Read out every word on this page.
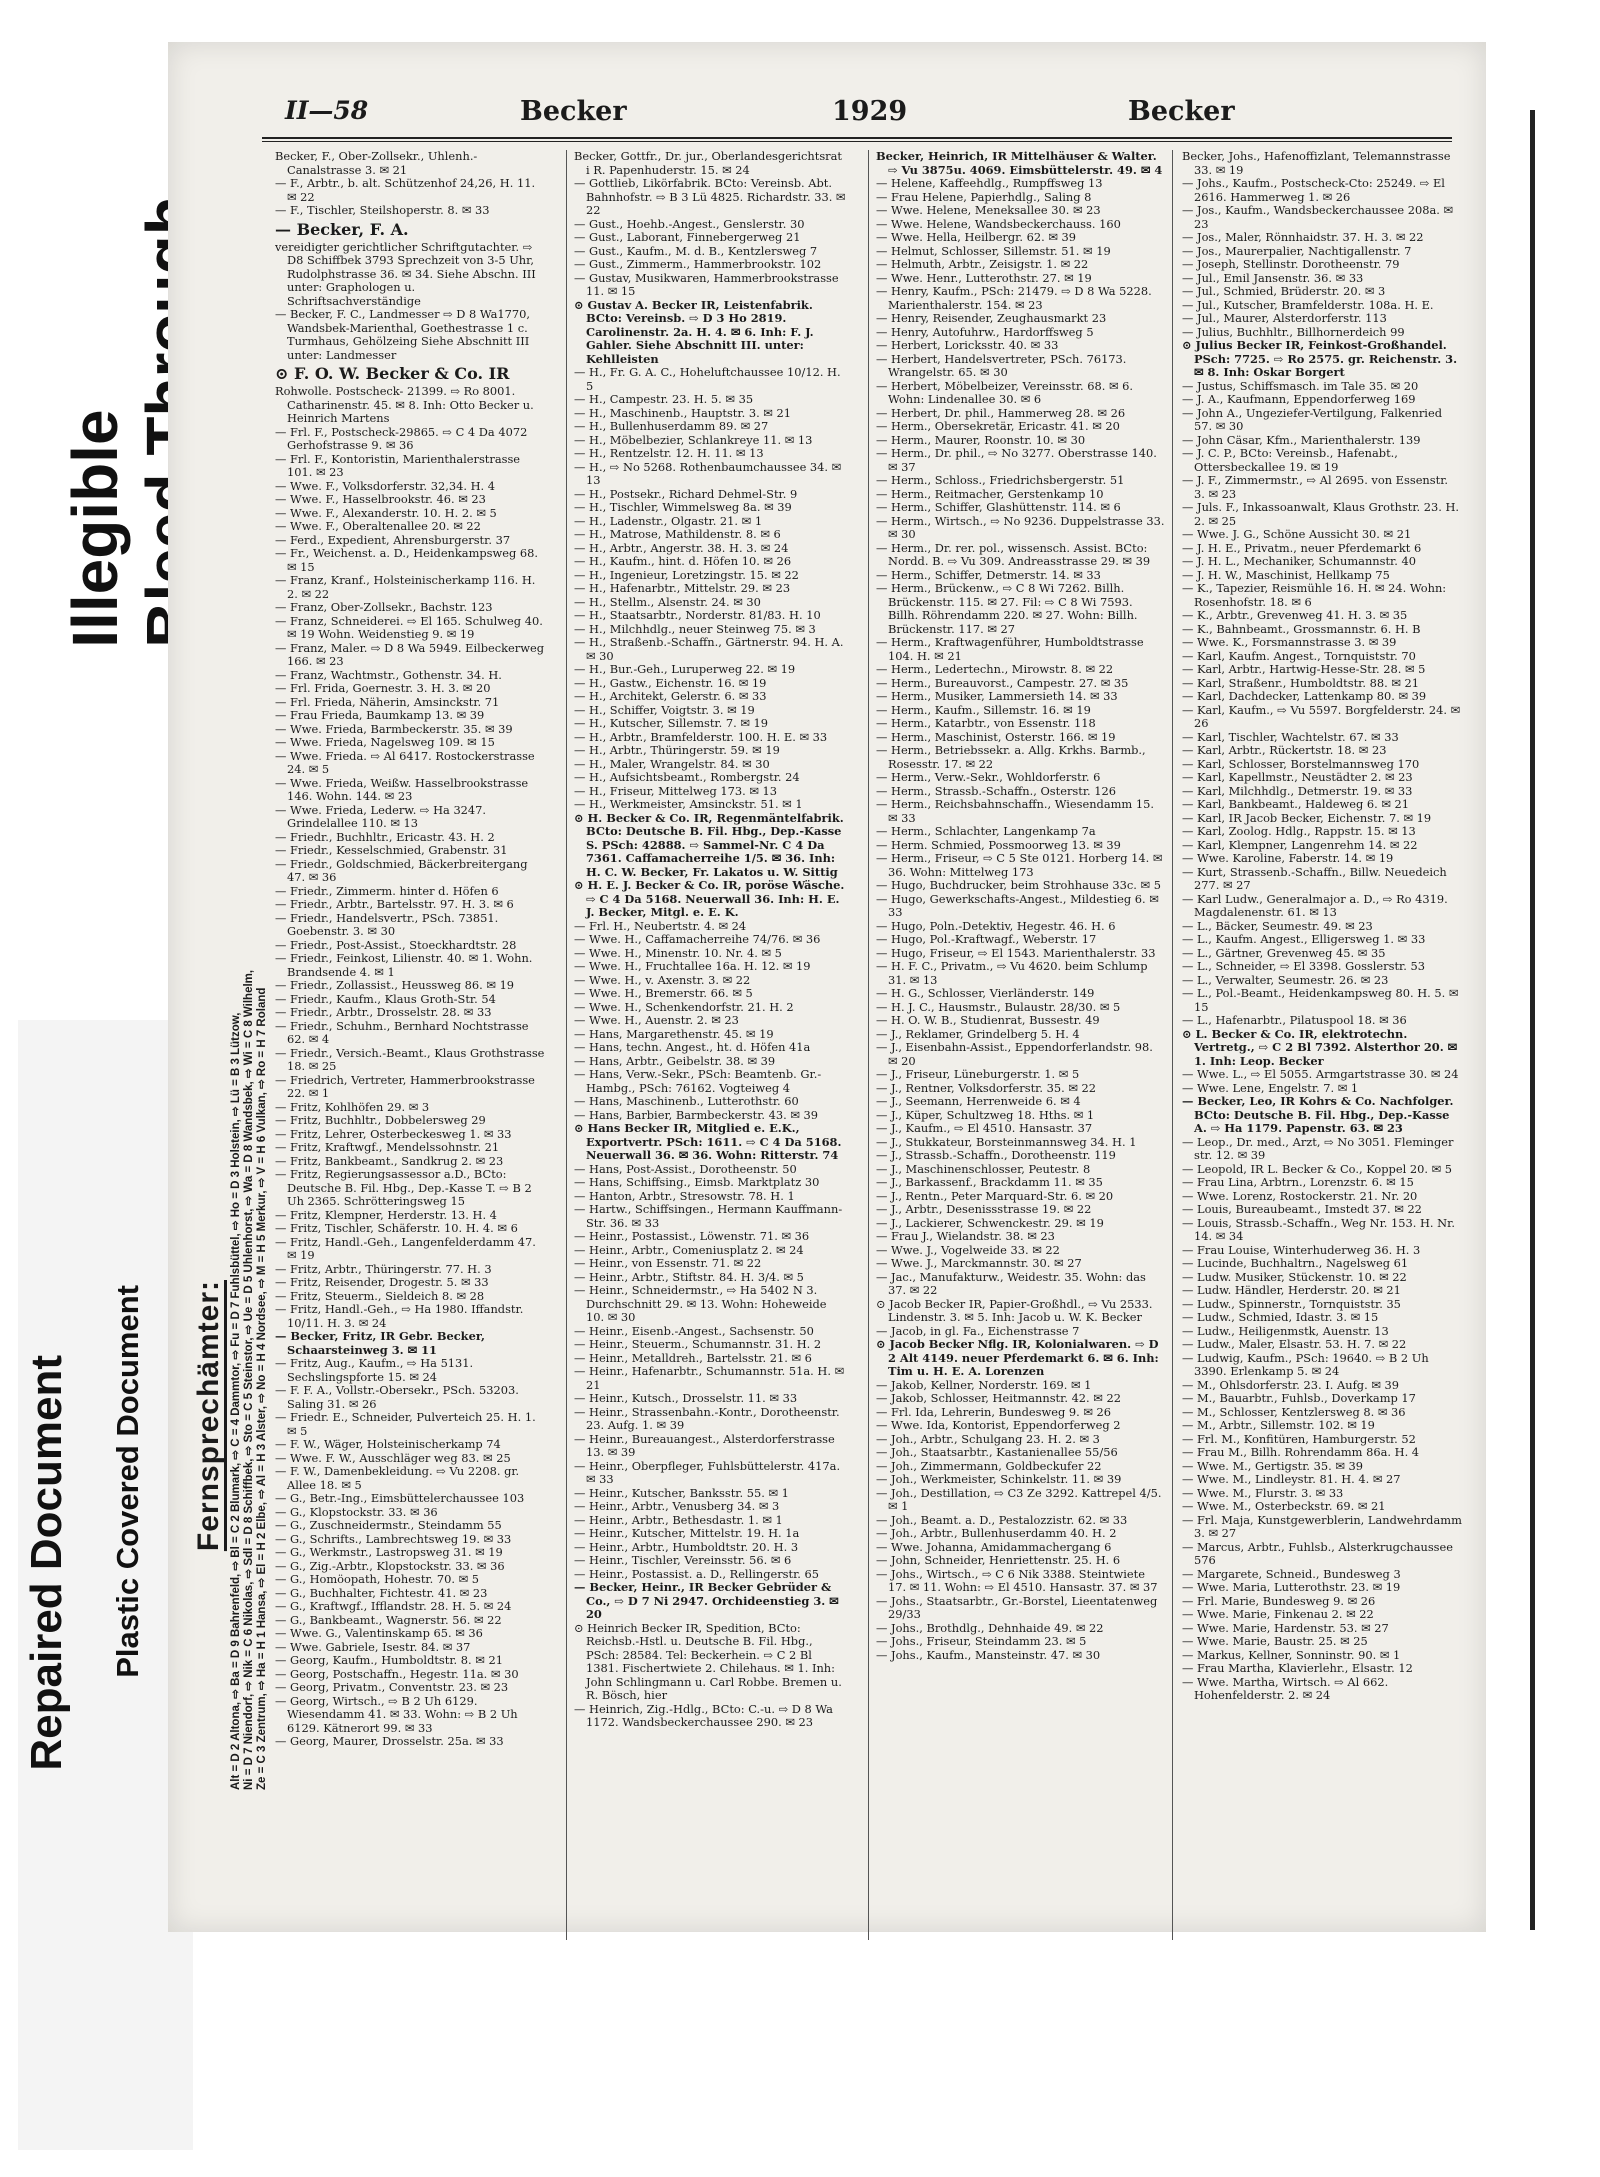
Repaired Document Plastic Covered Document
Illegible
II—58	Becker	1929	Becker
Fernsprechämter:
Alt = D 2 Altona, ⇨ Ba = D 9 Bahrenfeld, ⇨ Bl = C 2 Blumark, ⇨ C = 4 Dammtor, ⇨ Fu = D 7 Fuhlsbüttel, ⇨ Ho = D 3 Holstein, ⇨ Lü = B 3 Lützow,
Ni = D 7 Niendorf, ⇨ Nik = C 6 Nikolas, ⇨ Sdl = D 8 Schiffbek, ⇨ Sto = C 5 Steinstor, ⇨ Ue = D 5 Uhlenhorst, ⇨ Wa = D 8 Wandsbek, ⇨ Wi = C 8 Wilhelm,
Ze = C 3 Zentrum, ⇨ Ha = H 1 Hansa, ⇨ El = H 2 Elbe, ⇨ Al = H 3 Alster, ⇨ No = H 4 Nordsee, ⇨ M = H 5 Merkur, ⇨ V = H 6 Vulkan, ⇨ Ro = H 7 Roland

Becker, F., Ober-Zollsekr., Uhlenh.-Canalstrasse 3. ✉ 21

— F., Arbtr., b. alt. Schützenhof 24,26, H. 11. ✉ 22

— F., Tischler, Steilshoperstr. 8. ✉ 33

— Becker, F. A.

vereidigter gerichtlicher Schriftgutachter. ⇨ D8 Schiffbek 3793 Sprechzeit von 3-5 Uhr, Rudolphstrasse 36. ✉ 34. Siehe Abschn. III unter: Graphologen u. Schriftsachverständige

— Becker, F. C., Landmesser ⇨ D 8 Wa1770, Wandsbek-Marienthal, Goethestrasse 1 c. Turmhaus, Gehölzeing Siehe Abschnitt III unter: Landmesser

⊙ F. O. W. Becker & Co. IR

Rohwolle. Postscheck- 21399. ⇨ Ro 8001. Catharinenstr. 45. ✉ 8. Inh: Otto Becker u. Heinrich Martens

— Frl. F., Postscheck-29865. ⇨ C 4 Da 4072 Gerhofstrasse 9. ✉ 36

— Frl. F., Kontoristin, Marienthalerstrasse 101. ✉ 23

— Wwe. F., Volksdorferstr. 32,34. H. 4

— Wwe. F., Hasselbrookstr. 46. ✉ 23

— Wwe. F., Alexanderstr. 10. H. 2. ✉ 5

— Wwe. F., Oberaltenallee 20. ✉ 22

— Ferd., Expedient, Ahrensburgerstr. 37

— Fr., Weichenst. a. D., Heidenkampsweg 68. ✉ 15

— Franz, Kranf., Holsteinischerkamp 116. H. 2. ✉ 22

— Franz, Ober-Zollsekr., Bachstr. 123

— Franz, Schneiderei. ⇨ El 165. Schulweg 40. ✉ 19 Wohn. Weidenstieg 9. ✉ 19

— Franz, Maler. ⇨ D 8 Wa 5949. Eilbeckerweg 166. ✉ 23

— Franz, Wachtmstr., Gothenstr. 34. H.

— Frl. Frida, Goernestr. 3. H. 3. ✉ 20

— Frl. Frieda, Näherin, Amsinckstr. 71

— Frau Frieda, Baumkamp 13. ✉ 39

— Wwe. Frieda, Barmbeckerstr. 35. ✉ 39

— Wwe. Frieda, Nagelsweg 109. ✉ 15

— Wwe. Frieda. ⇨ Al 6417. Rostockerstrasse 24. ✉ 5

— Wwe. Frieda, Weißw. Hasselbrookstrasse 146. Wohn. 144. ✉ 23

— Wwe. Frieda, Lederw. ⇨ Ha 3247. Grindelallee 110. ✉ 13

— Friedr., Buchhltr., Ericastr. 43. H. 2

— Friedr., Kesselschmied, Grabenstr. 31

— Friedr., Goldschmied, Bäckerbreitergang 47. ✉ 36

— Friedr., Zimmerm. hinter d. Höfen 6

— Friedr., Arbtr., Bartelsstr. 97. H. 3. ✉ 6

— Friedr., Handelsvertr., PSch. 73851. Goebenstr. 3. ✉ 30

— Friedr., Post-Assist., Stoeckhardtstr. 28

— Friedr., Feinkost, Lilienstr. 40. ✉ 1. Wohn. Brandsende 4. ✉ 1

— Friedr., Zollassist., Heussweg 86. ✉ 19

— Friedr., Kaufm., Klaus Groth-Str. 54

— Friedr., Arbtr., Drosselstr. 28. ✉ 33

— Friedr., Schuhm., Bernhard Nochtstrasse 62. ✉ 4

— Friedr., Versich.-Beamt., Klaus Grothstrasse 18. ✉ 25

— Friedrich, Vertreter, Hammerbrookstrasse 22. ✉ 1

— Fritz, Kohlhöfen 29. ✉ 3

— Fritz, Buchhltr., Dobbelersweg 29

— Fritz, Lehrer, Osterbeckesweg 1. ✉ 33

— Fritz, Kraftwgf., Mendelssohnstr. 21

— Fritz, Bankbeamt., Sandkrug 2. ✉ 23

— Fritz, Regierungsassessor a.D., BCto: Deutsche B. Fil. Hbg., Dep.-Kasse T. ⇨ B 2 Uh 2365. Schrötteringsweg 15

— Fritz, Klempner, Herderstr. 13. H. 4

— Fritz, Tischler, Schäferstr. 10. H. 4. ✉ 6

— Fritz, Handl.-Geh., Langenfelderdamm 47. ✉ 19

— Fritz, Arbtr., Thüringerstr. 77. H. 3

— Fritz, Reisender, Drogestr. 5. ✉ 33

— Fritz, Steuerm., Sieldeich 8. ✉ 28

— Fritz, Handl.-Geh., ⇨ Ha 1980. Iffandstr. 10/11. H. 3. ✉ 24

— Becker, Fritz, IR Gebr. Becker, Schaarsteinweg 3. ✉ 11

— Fritz, Aug., Kaufm., ⇨ Ha 5131. Sechslingspforte 15. ✉ 24

— F. F. A., Vollstr.-Obersekr., PSch. 53203. Saling 31. ✉ 26

— Friedr. E., Schneider, Pulverteich 25. H. 1. ✉ 5

— F. W., Wäger, Holsteinischerkamp 74

— Wwe. F. W., Ausschläger weg 83. ✉ 25

— F. W., Damenbekleidung. ⇨ Vu 2208. gr. Allee 18. ✉ 5

— G., Betr.-Ing., Eimsbüttelerchaussee 103

— G., Klopstockstr. 33. ✉ 36

— G., Zuschneidermstr., Steindamm 55

— G., Schrifts., Lambrechtsweg 19. ✉ 33

— G., Werkmstr., Lastropsweg 31. ✉ 19

— G., Zig.-Arbtr., Klopstockstr. 33. ✉ 36

— G., Homöopath, Hohestr. 70. ✉ 5

— G., Buchhalter, Fichtestr. 41. ✉ 23

— G., Kraftwgf., Ifflandstr. 28. H. 5. ✉ 24

— G., Bankbeamt., Wagnerstr. 56. ✉ 22

— Wwe. G., Valentinskamp 65. ✉ 36

— Wwe. Gabriele, Isestr. 84. ✉ 37

— Georg, Kaufm., Humboldtstr. 8. ✉ 21

— Georg, Postschaffn., Hegestr. 11a. ✉ 30

— Georg, Privatm., Conventstr. 23. ✉ 23

— Georg, Wirtsch., ⇨ B 2 Uh 6129. Wiesendamm 41. ✉ 33. Wohn: ⇨ B 2 Uh 6129. Kätnerort 99. ✉ 33

— Georg, Maurer, Drosselstr. 25a. ✉ 33

Becker, Gottfr., Dr. jur., Oberlandesgerichtsrat i R. Papenhuderstr. 15. ✉ 24

— Gottlieb, Likörfabrik. BCto: Vereinsb. Abt. Bahnhofstr. ⇨ B 3 Lü 4825. Richardstr. 33. ✉ 22

— Gust., Hoehb.-Angest., Genslerstr. 30

— Gust., Laborant, Finnebergerweg 21

— Gust., Kaufm., M. d. B., Kentzlersweg 7

— Gust., Zimmerm., Hammerbrookstr. 102

— Gustav, Musikwaren, Hammerbrookstrasse 11. ✉ 15

⊙ Gustav A. Becker IR, Leistenfabrik. BCto: Vereinsb. ⇨ D 3 Ho 2819. Carolinenstr. 2a. H. 4. ✉ 6. Inh: F. J. Gahler. Siehe Abschnitt III. unter: Kehlleisten

— H., Fr. G. A. C., Hoheluftchaussee 10/12. H. 5

— H., Campestr. 23. H. 5. ✉ 35

— H., Maschinenb., Hauptstr. 3. ✉ 21

— H., Bullenhuserdamm 89. ✉ 27

— H., Möbelbezier, Schlankreye 11. ✉ 13

— H., Rentzelstr. 12. H. 11. ✉ 13

— H., ⇨ No 5268. Rothenbaumchaussee 34. ✉ 13

— H., Postsekr., Richard Dehmel-Str. 9

— H., Tischler, Wimmelsweg 8a. ✉ 39

— H., Ladenstr., Olgastr. 21. ✉ 1

— H., Matrose, Mathildenstr. 8. ✉ 6

— H., Arbtr., Angerstr. 38. H. 3. ✉ 24

— H., Kaufm., hint. d. Höfen 10. ✉ 26

— H., Ingenieur, Loretzingstr. 15. ✉ 22

— H., Hafenarbtr., Mittelstr. 29. ✉ 23

— H., Stellm., Alsenstr. 24. ✉ 30

— H., Staatsarbtr., Norderstr. 81/83. H. 10

— H., Milchhdlg., neuer Steinweg 75. ✉ 3

— H., Straßenb.-Schaffn., Gärtnerstr. 94. H. A. ✉ 30

— H., Bur.-Geh., Luruperweg 22. ✉ 19

— H., Gastw., Eichenstr. 16. ✉ 19

— H., Architekt, Gelerstr. 6. ✉ 33

— H., Schiffer, Voigtstr. 3. ✉ 19

— H., Kutscher, Sillemstr. 7. ✉ 19

— H., Arbtr., Bramfelderstr. 100. H. E. ✉ 33

— H., Arbtr., Thüringerstr. 59. ✉ 19

— H., Maler, Wrangelstr. 84. ✉ 30

— H., Aufsichtsbeamt., Rombergstr. 24

— H., Friseur, Mittelweg 173. ✉ 13

— H., Werkmeister, Amsinckstr. 51. ✉ 1

⊙ H. Becker & Co. IR, Regenmäntelfabrik. BCto: Deutsche B. Fil. Hbg., Dep.-Kasse S. PSch: 42888. ⇨ Sammel-Nr. C 4 Da 7361. Caffamacherreihe 1/5. ✉ 36. Inh: H. C. W. Becker, Fr. Lakatos u. W. Sittig

⊙ H. E. J. Becker & Co. IR, poröse Wäsche. ⇨ C 4 Da 5168. Neuerwall 36. Inh: H. E. J. Becker, Mitgl. e. E. K.

— Frl. H., Neubertstr. 4. ✉ 24

— Wwe. H., Caffamacherreihe 74/76. ✉ 36

— Wwe. H., Minenstr. 10. Nr. 4. ✉ 5

— Wwe. H., Fruchtallee 16a. H. 12. ✉ 19

— Wwe. H., v. Axenstr. 3. ✉ 22

— Wwe. H., Bremerstr. 66. ✉ 5

— Wwe. H., Schenkendorfstr. 21. H. 2

— Wwe. H., Auenstr. 2. ✉ 23

— Hans, Margarethenstr. 45. ✉ 19

— Hans, techn. Angest., ht. d. Höfen 41a

— Hans, Arbtr., Geibelstr. 38. ✉ 39

— Hans, Verw.-Sekr., PSch: Beamtenb. Gr.-Hambg., PSch: 76162. Vogteiweg 4

— Hans, Maschinenb., Lutterothstr. 60

— Hans, Barbier, Barmbeckerstr. 43. ✉ 39

⊙ Hans Becker IR, Mitglied e. E.K., Exportvertr. PSch: 1611. ⇨ C 4 Da 5168. Neuerwall 36. ✉ 36. Wohn: Ritterstr. 74

— Hans, Post-Assist., Dorotheenstr. 50

— Hans, Schiffsing., Eimsb. Marktplatz 30

— Hanton, Arbtr., Stresowstr. 78. H. 1

— Hartw., Schiffsingen., Hermann Kauffmann-Str. 36. ✉ 33

— Heinr., Postassist., Löwenstr. 71. ✉ 36

— Heinr., Arbtr., Comeniusplatz 2. ✉ 24

— Heinr., von Essenstr. 71. ✉ 22

— Heinr., Arbtr., Stiftstr. 84. H. 3/4. ✉ 5

— Heinr., Schneidermstr., ⇨ Ha 5402 N 3. Durchschnitt 29. ✉ 13. Wohn: Hoheweide 10. ✉ 30

— Heinr., Eisenb.-Angest., Sachsenstr. 50

— Heinr., Steuerm., Schumannstr. 31. H. 2

— Heinr., Metalldreh., Bartelsstr. 21. ✉ 6

— Heinr., Hafenarbtr., Schumannstr. 51a. H. ✉ 21

— Heinr., Kutsch., Drosselstr. 11. ✉ 33

— Heinr., Strassenbahn.-Kontr., Dorotheenstr. 23. Aufg. 1. ✉ 39

— Heinr., Bureauangest., Alsterdorferstrasse 13. ✉ 39

— Heinr., Oberpfleger, Fuhlsbüttelerstr. 417a. ✉ 33

— Heinr., Kutscher, Banksstr. 55. ✉ 1

— Heinr., Arbtr., Venusberg 34. ✉ 3

— Heinr., Arbtr., Bethesdastr. 1. ✉ 1

— Heinr., Kutscher, Mittelstr. 19. H. 1a

— Heinr., Arbtr., Humboldtstr. 20. H. 3

— Heinr., Tischler, Vereinsstr. 56. ✉ 6

— Heinr., Postassist. a. D., Rellingerstr. 65

— Becker, Heinr., IR Becker Gebrüder & Co., ⇨ D 7 Ni 2947. Orchideenstieg 3. ✉ 20

⊙ Heinrich Becker IR, Spedition, BCto: Reichsb.-Hstl. u. Deutsche B. Fil. Hbg., PSch: 28584. Tel: Beckerhein. ⇨ C 2 Bl 1381. Fischertwiete 2. Chilehaus. ✉ 1. Inh: John Schlingmann u. Carl Robbe. Bremen u. R. Bösch, hier

— Heinrich, Zig.-Hdlg., BCto: C.-u. ⇨ D 8 Wa 1172. Wandsbeckerchaussee 290. ✉ 23

Becker, Heinrich, IR Mittelhäuser & Walter. ⇨ Vu 3875u. 4069. Eimsbüttelerstr. 49. ✉ 4

— Helene, Kaffeehdlg., Rumpffsweg 13

— Frau Helene, Papierhdlg., Saling 8

— Wwe. Helene, Meneksallee 30. ✉ 23

— Wwe. Helene, Wandsbeckerchauss. 160

— Wwe. Hella, Heilbergr. 62. ✉ 39

— Helmut, Schlosser, Sillemstr. 51. ✉ 19

— Helmuth, Arbtr., Zeisigstr. 1. ✉ 22

— Wwe. Henr., Lutterothstr. 27. ✉ 19

— Henry, Kaufm., PSch: 21479. ⇨ D 8 Wa 5228. Marienthalerstr. 154. ✉ 23

— Henry, Reisender, Zeughausmarkt 23

— Henry, Autofuhrw., Hardorffsweg 5

— Herbert, Loricksstr. 40. ✉ 33

— Herbert, Handelsvertreter, PSch. 76173. Wrangelstr. 65. ✉ 30

— Herbert, Möbelbeizer, Vereinsstr. 68. ✉ 6. Wohn: Lindenallee 30. ✉ 6

— Herbert, Dr. phil., Hammerweg 28. ✉ 26

— Herm., Obersekretär, Ericastr. 41. ✉ 20

— Herm., Maurer, Roonstr. 10. ✉ 30

— Herm., Dr. phil., ⇨ No 3277. Oberstrasse 140. ✉ 37

— Herm., Schloss., Friedrichsbergerstr. 51

— Herm., Reitmacher, Gerstenkamp 10

— Herm., Schiffer, Glashüttenstr. 114. ✉ 6

— Herm., Wirtsch., ⇨ No 9236. Duppelstrasse 33. ✉ 30

— Herm., Dr. rer. pol., wissensch. Assist. BCto: Nordd. B. ⇨ Vu 309. Andreasstrasse 29. ✉ 39

— Herm., Schiffer, Detmerstr. 14. ✉ 33

— Herm., Brückenw., ⇨ C 8 Wi 7262. Billh. Brückenstr. 115. ✉ 27. Fil: ⇨ C 8 Wi 7593. Billh. Röhrendamm 220. ✉ 27. Wohn: Billh. Brückenstr. 117. ✉ 27

— Herm., Kraftwagenführer, Humboldtstrasse 104. H. ✉ 21

— Herm., Ledertechn., Mirowstr. 8. ✉ 22

— Herm., Bureauvorst., Campestr. 27. ✉ 35

— Herm., Musiker, Lammersieth 14. ✉ 33

— Herm., Kaufm., Sillemstr. 16. ✉ 19

— Herm., Katarbtr., von Essenstr. 118

— Herm., Maschinist, Osterstr. 166. ✉ 19

— Herm., Betriebssekr. a. Allg. Krkhs. Barmb., Rosesstr. 17. ✉ 22

— Herm., Verw.-Sekr., Wohldorferstr. 6

— Herm., Strassb.-Schaffn., Osterstr. 126

— Herm., Reichsbahnschaffn., Wiesendamm 15. ✉ 33

— Herm., Schlachter, Langenkamp 7a

— Herm. Schmied, Possmoorweg 13. ✉ 39

— Herm., Friseur, ⇨ C 5 Ste 0121. Horberg 14. ✉ 36. Wohn: Mittelweg 173

— Hugo, Buchdrucker, beim Strohhause 33c. ✉ 5

— Hugo, Gewerkschafts-Angest., Mildestieg 6. ✉ 33

— Hugo, Poln.-Detektiv, Hegestr. 46. H. 6

— Hugo, Pol.-Kraftwagf., Weberstr. 17

— Hugo, Friseur, ⇨ El 1543. Marienthalerstr. 33

— H. F. C., Privatm., ⇨ Vu 4620. beim Schlump 31. ✉ 13

— H. G., Schlosser, Vierländerstr. 149

— H. J. C., Hausmstr., Bulaustr. 28/30. ✉ 5

— H. O. W. B., Studienrat, Bussestr. 49

— J., Reklamer, Grindelberg 5. H. 4

— J., Eisenbahn-Assist., Eppendorferlandstr. 98. ✉ 20

— J., Friseur, Lüneburgerstr. 1. ✉ 5

— J., Rentner, Volksdorferstr. 35. ✉ 22

— J., Seemann, Herrenweide 6. ✉ 4

— J., Küper, Schultzweg 18. Hths. ✉ 1

— J., Kaufm., ⇨ El 4510. Hansastr. 37

— J., Stukkateur, Borsteinmannsweg 34. H. 1

— J., Strassb.-Schaffn., Dorotheenstr. 119

— J., Maschinenschlosser, Peutestr. 8

— J., Barkassenf., Brackdamm 11. ✉ 35

— J., Rentn., Peter Marquard-Str. 6. ✉ 20

— J., Arbtr., Desenissstrasse 19. ✉ 22

— J., Lackierer, Schwenckestr. 29. ✉ 19

— Frau J., Wielandstr. 38. ✉ 23

— Wwe. J., Vogelweide 33. ✉ 22

— Wwe. J., Marckmannstr. 30. ✉ 27

— Jac., Manufakturw., Weidestr. 35. Wohn: das 37. ✉ 22

⊙ Jacob Becker IR, Papier-Großhdl., ⇨ Vu 2533. Lindenstr. 3. ✉ 5. Inh: Jacob u. W. K. Becker

— Jacob, in gl. Fa., Eichenstrasse 7

⊙ Jacob Becker Nflg. IR, Kolonialwaren. ⇨ D 2 Alt 4149. neuer Pferdemarkt 6. ✉ 6. Inh: Tim u. H. E. A. Lorenzen

— Jakob, Kellner, Norderstr. 169. ✉ 1

— Jakob, Schlosser, Heitmannstr. 42. ✉ 22

— Frl. Ida, Lehrerin, Bundesweg 9. ✉ 26

— Wwe. Ida, Kontorist, Eppendorferweg 2

— Joh., Arbtr., Schulgang 23. H. 2. ✉ 3

— Joh., Staatsarbtr., Kastanienallee 55/56

— Joh., Zimmermann, Goldbeckufer 22

— Joh., Werkmeister, Schinkelstr. 11. ✉ 39

— Joh., Destillation, ⇨ C3 Ze 3292. Kattrepel 4/5. ✉ 1

— Joh., Beamt. a. D., Pestalozzistr. 62. ✉ 33

— Joh., Arbtr., Bullenhuserdamm 40. H. 2

— Wwe. Johanna, Amidammachergang 6

— John, Schneider, Henriettenstr. 25. H. 6

— Johs., Wirtsch., ⇨ C 6 Nik 3388. Steintwiete 17. ✉ 11. Wohn: ⇨ El 4510. Hansastr. 37. ✉ 37

— Johs., Staatsarbtr., Gr.-Borstel, Lieentatenweg 29/33

— Johs., Brothdlg., Dehnhaide 49. ✉ 22

— Johs., Friseur, Steindamm 23. ✉ 5

— Johs., Kaufm., Mansteinstr. 47. ✉ 30

Becker, Johs., Hafenoffizlant, Telemannstrasse 33. ✉ 19

— Johs., Kaufm., Postscheck-Cto: 25249. ⇨ El 2616. Hammerweg 1. ✉ 26

— Jos., Kaufm., Wandsbeckerchaussee 208a. ✉ 23

— Jos., Maler, Rönnhaidstr. 37. H. 3. ✉ 22

— Jos., Maurerpalier, Nachtigallenstr. 7

— Joseph, Stellinstr. Dorotheenstr. 79

— Jul., Emil Jansenstr. 36. ✉ 33

— Jul., Schmied, Brüderstr. 20. ✉ 3

— Jul., Kutscher, Bramfelderstr. 108a. H. E.

— Jul., Maurer, Alsterdorferstr. 113

— Julius, Buchhltr., Billhornerdeich 99

⊙ Julius Becker IR, Feinkost-Großhandel. PSch: 7725. ⇨ Ro 2575. gr. Reichenstr. 3. ✉ 8. Inh: Oskar Borgert

— Justus, Schiffsmasch. im Tale 35. ✉ 20

— J. A., Kaufmann, Eppendorferweg 169

— John A., Ungeziefer-Vertilgung, Falkenried 57. ✉ 30

— John Cäsar, Kfm., Marienthalerstr. 139

— J. C. P., BCto: Vereinsb., Hafenabt., Ottersbeckallee 19. ✉ 19

— J. F., Zimmermstr., ⇨ Al 2695. von Essenstr. 3. ✉ 23

— Juls. F., Inkassoanwalt, Klaus Grothstr. 23. H. 2. ✉ 25

— Wwe. J. G., Schöne Aussicht 30. ✉ 21

— J. H. E., Privatm., neuer Pferdemarkt 6

— J. H. L., Mechaniker, Schumannstr. 40

— J. H. W., Maschinist, Hellkamp 75

— K., Tapezier, Reismühle 16. H. ✉ 24. Wohn: Rosenhofstr. 18. ✉ 6

— K., Arbtr., Grevenweg 41. H. 3. ✉ 35

— K., Bahnbeamt., Grossmannstr. 6. H. B

— Wwe. K., Forsmannstrasse 3. ✉ 39

— Karl, Kaufm. Angest., Tornquiststr. 70

— Karl, Arbtr., Hartwig-Hesse-Str. 28. ✉ 5

— Karl, Straßenr., Humboldtstr. 88. ✉ 21

— Karl, Dachdecker, Lattenkamp 80. ✉ 39

— Karl, Kaufm., ⇨ Vu 5597. Borgfelderstr. 24. ✉ 26

— Karl, Tischler, Wachtelstr. 67. ✉ 33

— Karl, Arbtr., Rückertstr. 18. ✉ 23

— Karl, Schlosser, Borstelmannsweg 170

— Karl, Kapellmstr., Neustädter 2. ✉ 23

— Karl, Milchhdlg., Detmerstr. 19. ✉ 33

— Karl, Bankbeamt., Haldeweg 6. ✉ 21

— Karl, IR Jacob Becker, Eichenstr. 7. ✉ 19

— Karl, Zoolog. Hdlg., Rappstr. 15. ✉ 13

— Karl, Klempner, Langenrehm 14. ✉ 22

— Wwe. Karoline, Faberstr. 14. ✉ 19

— Kurt, Strassenb.-Schaffn., Billw. Neuedeich 277. ✉ 27

— Karl Ludw., Generalmajor a. D., ⇨ Ro 4319. Magdalenenstr. 61. ✉ 13

— L., Bäcker, Seumestr. 49. ✉ 23

— L., Kaufm. Angest., Elligersweg 1. ✉ 33

— L., Gärtner, Grevenweg 45. ✉ 35

— L., Schneider, ⇨ El 3398. Gosslerstr. 53

— L., Verwalter, Seumestr. 26. ✉ 23

— L., Pol.-Beamt., Heidenkampsweg 80. H. 5. ✉ 15

— L., Hafenarbtr., Pilatuspool 18. ✉ 36

⊙ L. Becker & Co. IR, elektrotechn. Vertretg., ⇨ C 2 Bl 7392. Alsterthor 20. ✉ 1. Inh: Leop. Becker

— Wwe. L., ⇨ El 5055. Armgartstrasse 30. ✉ 24

— Wwe. Lene, Engelstr. 7. ✉ 1

— Becker, Leo, IR Kohrs & Co. Nachfolger. BCto: Deutsche B. Fil. Hbg., Dep.-Kasse A. ⇨ Ha 1179. Papenstr. 63. ✉ 23

— Leop., Dr. med., Arzt, ⇨ No 3051. Fleminger str. 12. ✉ 39

— Leopold, IR L. Becker & Co., Koppel 20. ✉ 5

— Frau Lina, Arbtrn., Lorenzstr. 6. ✉ 15

— Wwe. Lorenz, Rostockerstr. 21. Nr. 20

— Louis, Bureaubeamt., Imstedt 37. ✉ 22

— Louis, Strassb.-Schaffn., Weg Nr. 153. H. Nr. 14. ✉ 34

— Frau Louise, Winterhuderweg 36. H. 3

— Lucinde, Buchhaltrn., Nagelsweg 61

— Ludw. Musiker, Stückenstr. 10. ✉ 22

— Ludw. Händler, Herderstr. 20. ✉ 21

— Ludw., Spinnerstr., Tornquiststr. 35

— Ludw., Schmied, Idastr. 3. ✉ 15

— Ludw., Heiligenmstk, Auenstr. 13

— Ludw., Maler, Elsastr. 53. H. 7. ✉ 22

— Ludwig, Kaufm., PSch: 19640. ⇨ B 2 Uh 3390. Erlenkamp 5. ✉ 24

— M., Ohlsdorferstr. 23. I. Aufg. ✉ 39

— M., Bauarbtr., Fuhlsb., Doverkamp 17

— M., Schlosser, Kentzlersweg 8. ✉ 36

— M., Arbtr., Sillemstr. 102. ✉ 19

— Frl. M., Konfitüren, Hamburgerstr. 52

— Frau M., Billh. Rohrendamm 86a. H. 4

— Wwe. M., Gertigstr. 35. ✉ 39

— Wwe. M., Lindleystr. 81. H. 4. ✉ 27

— Wwe. M., Flurstr. 3. ✉ 33

— Wwe. M., Osterbeckstr. 69. ✉ 21

— Frl. Maja, Kunstgewerblerin, Landwehrdamm 3. ✉ 27

— Marcus, Arbtr., Fuhlsb., Alsterkrugchaussee 576

— Margarete, Schneid., Bundesweg 3

— Wwe. Maria, Lutterothstr. 23. ✉ 19

— Frl. Marie, Bundesweg 9. ✉ 26

— Wwe. Marie, Finkenau 2. ✉ 22

— Wwe. Marie, Hardenstr. 53. ✉ 27

— Wwe. Marie, Baustr. 25. ✉ 25

— Markus, Kellner, Sonninstr. 90. ✉ 1

— Frau Martha, Klavierlehr., Elsastr. 12

— Wwe. Martha, Wirtsch. ⇨ Al 662. Hohenfelderstr. 2. ✉ 24
